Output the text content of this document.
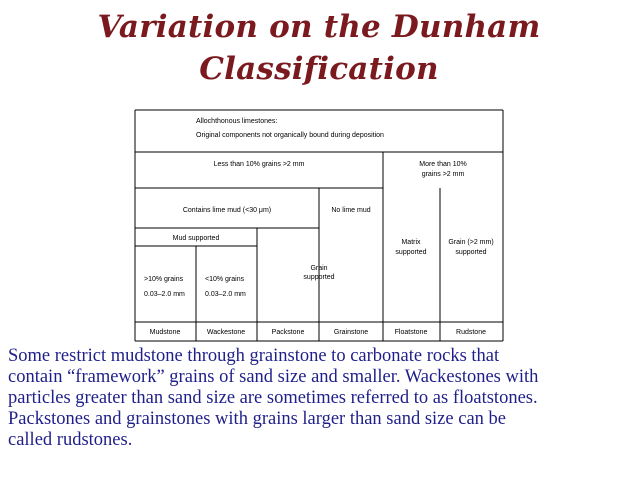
Variation on the Dunham
Classification
Allochthonous limestones:
Original components not organically bound during deposition
Less than 10% grains >2 mm	More than 10%
grains >2 mm
Contains lime mud (<30 μm)	No lime mud
Mud supported
>10% grains
0.03–2.0 mm
<10% grains
0.03–2.0 mm
Grain
supported
Matrix
supported
Grain (>2 mm)
supported
Mudstone	Wackestone	Packstone	Grainstone	Floatstone	Rudstone
Some restrict mudstone through grainstone to carbonate rocks that
contain “framework” grains of sand size and smaller. Wackestones with
particles greater than sand size are sometimes referred to as floatstones.
Packstones and grainstones with grains larger than sand size can be
called rudstones.
